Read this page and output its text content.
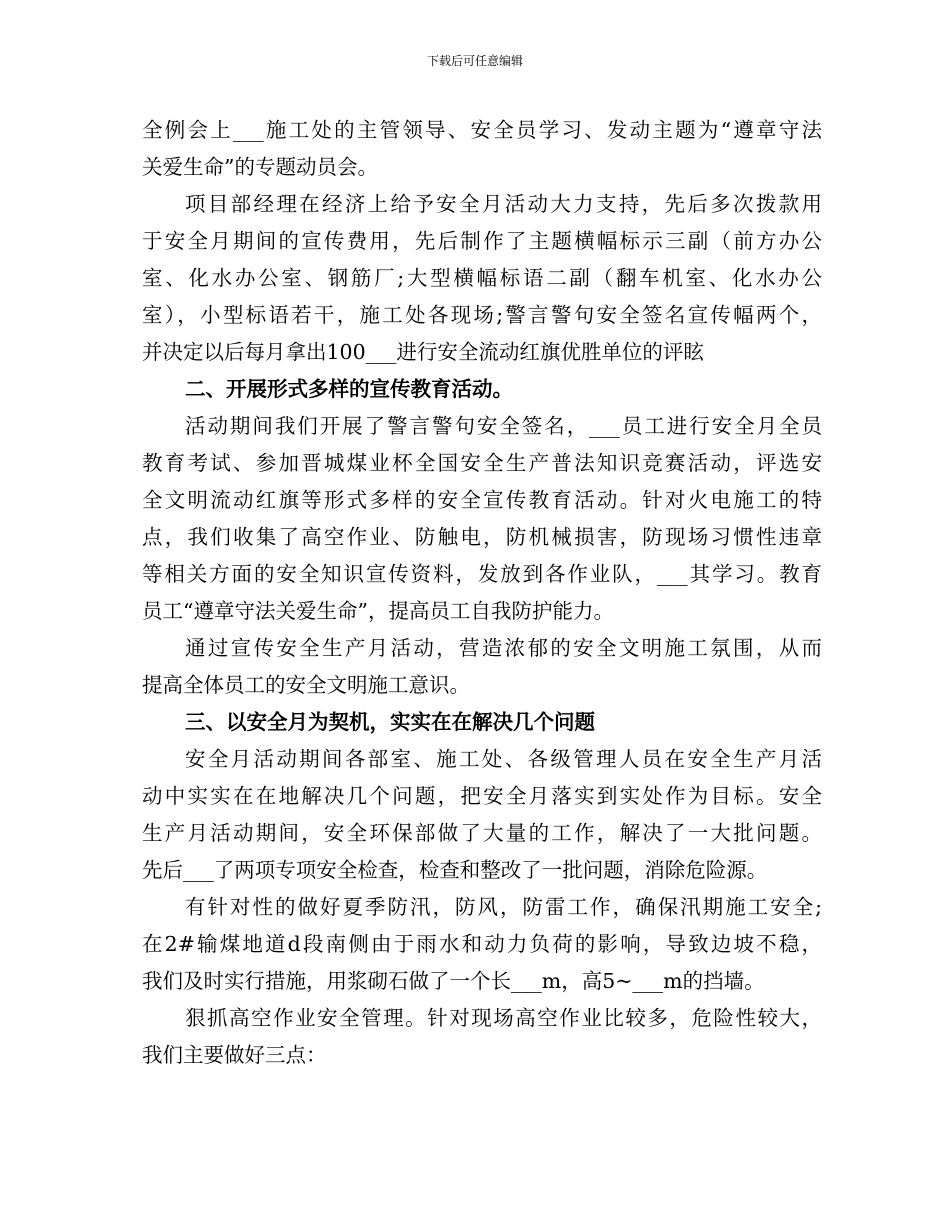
下载后可任意编辑
全例会上___施工处的主管领导、安全员学习、发动主题为“遵章守法
关爱生命”的专题动员会。
项目部经理在经济上给予安全月活动大力支持，先后多次拨款用
于安全月期间的宣传费用，先后制作了主题横幅标示三副（前方办公
室、化水办公室、钢筋厂;大型横幅标语二副（翻车机室、化水办公
室），小型标语若干，施工处各现场;警言警句安全签名宣传幅两个，
并决定以后每月拿出100___进行安全流动红旗优胜单位的评眩
二、开展形式多样的宣传教育活动。
活动期间我们开展了警言警句安全签名，___员工进行安全月全员
教育考试、参加晋城煤业杯全国安全生产普法知识竞赛活动，评选安
全文明流动红旗等形式多样的安全宣传教育活动。针对火电施工的特
点，我们收集了高空作业、防触电，防机械损害，防现场习惯性违章
等相关方面的安全知识宣传资料，发放到各作业队，___其学习。教育
员工“遵章守法关爱生命”，提高员工自我防护能力。
通过宣传安全生产月活动，营造浓郁的安全文明施工氛围，从而
提高全体员工的安全文明施工意识。
三、以安全月为契机，实实在在解决几个问题
安全月活动期间各部室、施工处、各级管理人员在安全生产月活
动中实实在在地解决几个问题，把安全月落实到实处作为目标。安全
生产月活动期间，安全环保部做了大量的工作，解决了一大批问题。
先后___了两项专项安全检查，检查和整改了一批问题，消除危险源。
有针对性的做好夏季防汛，防风，防雷工作，确保汛期施工安全;
在2#输煤地道d段南侧由于雨水和动力负荷的影响，导致边坡不稳，
我们及时实行措施，用浆砌石做了一个长___m，高5~___m的挡墙。
狠抓高空作业安全管理。针对现场高空作业比较多，危险性较大，
我们主要做好三点：
